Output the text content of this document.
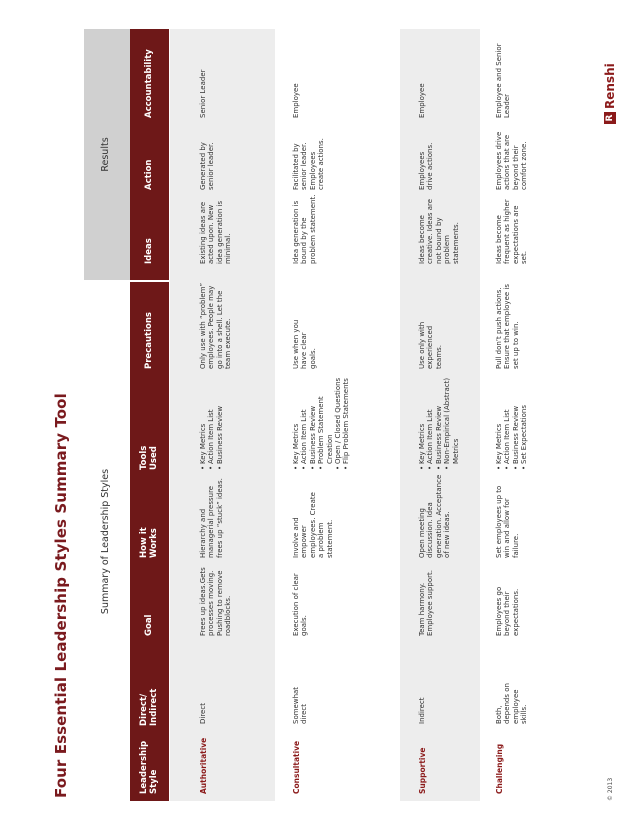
Four Essential Leadership Styles Summary Tool	Summary of Leadership Styles
Results
Leadership
Style
Direct/
Indirect
Goal
How it
Works
Tools
Used
Precautions
Ideas
Action
Accountability
Authoritative
Direct
Frees up ideas.Gets processes moving. Pushing to remove roadblocks.
Hierarchy and managerial pressure frees up “stuck” ideas.
• Key Metrics • Action Item List • Business Review
Only use with “problem” employees. People may go into a shell. Let the team execute.
Existing ideas are acted upon. New idea generation is minimal.
Generated by senior leader.
Senior Leader
Consultative
Somewhat direct
Execution of clear goals.
Involve and empower employees. Create a problem statement.
• Key Metrics • Action Item List • Business Review • Problem Statement Creation • Open / Closed Questions • Flip Problem Statements
Use when you have clear goals.
Idea generation is bound by the problem statement.
Facilitated by senior leader. Employees create actions.
Employee
Supportive
Indirect
Team harmony. Employee support.
Open meeting discussion. Idea generation. Acceptance of new ideas.
• Key Metrics • Action Item List • Business Review • Non-Empirical (Abstract) Metrics
Use only with experienced teams.
Ideas become creative. Ideas are not bound by problem statements.
Employees drive actions.
Employee
Challenging
Both, depends on employee skills.
Employees go beyond their expectations.
Set employees up to win and allow for failure.
• Key Metrics • Action Item List • Business Review • Set Expectations
Pull don’t push actions. Ensure that employee is set up to win.
Ideas become frequent as higher expectations are set.
Employees drive actions that are beyond their comfort zone.
Employee and Senior Leader
© 2013
R
Renshi
